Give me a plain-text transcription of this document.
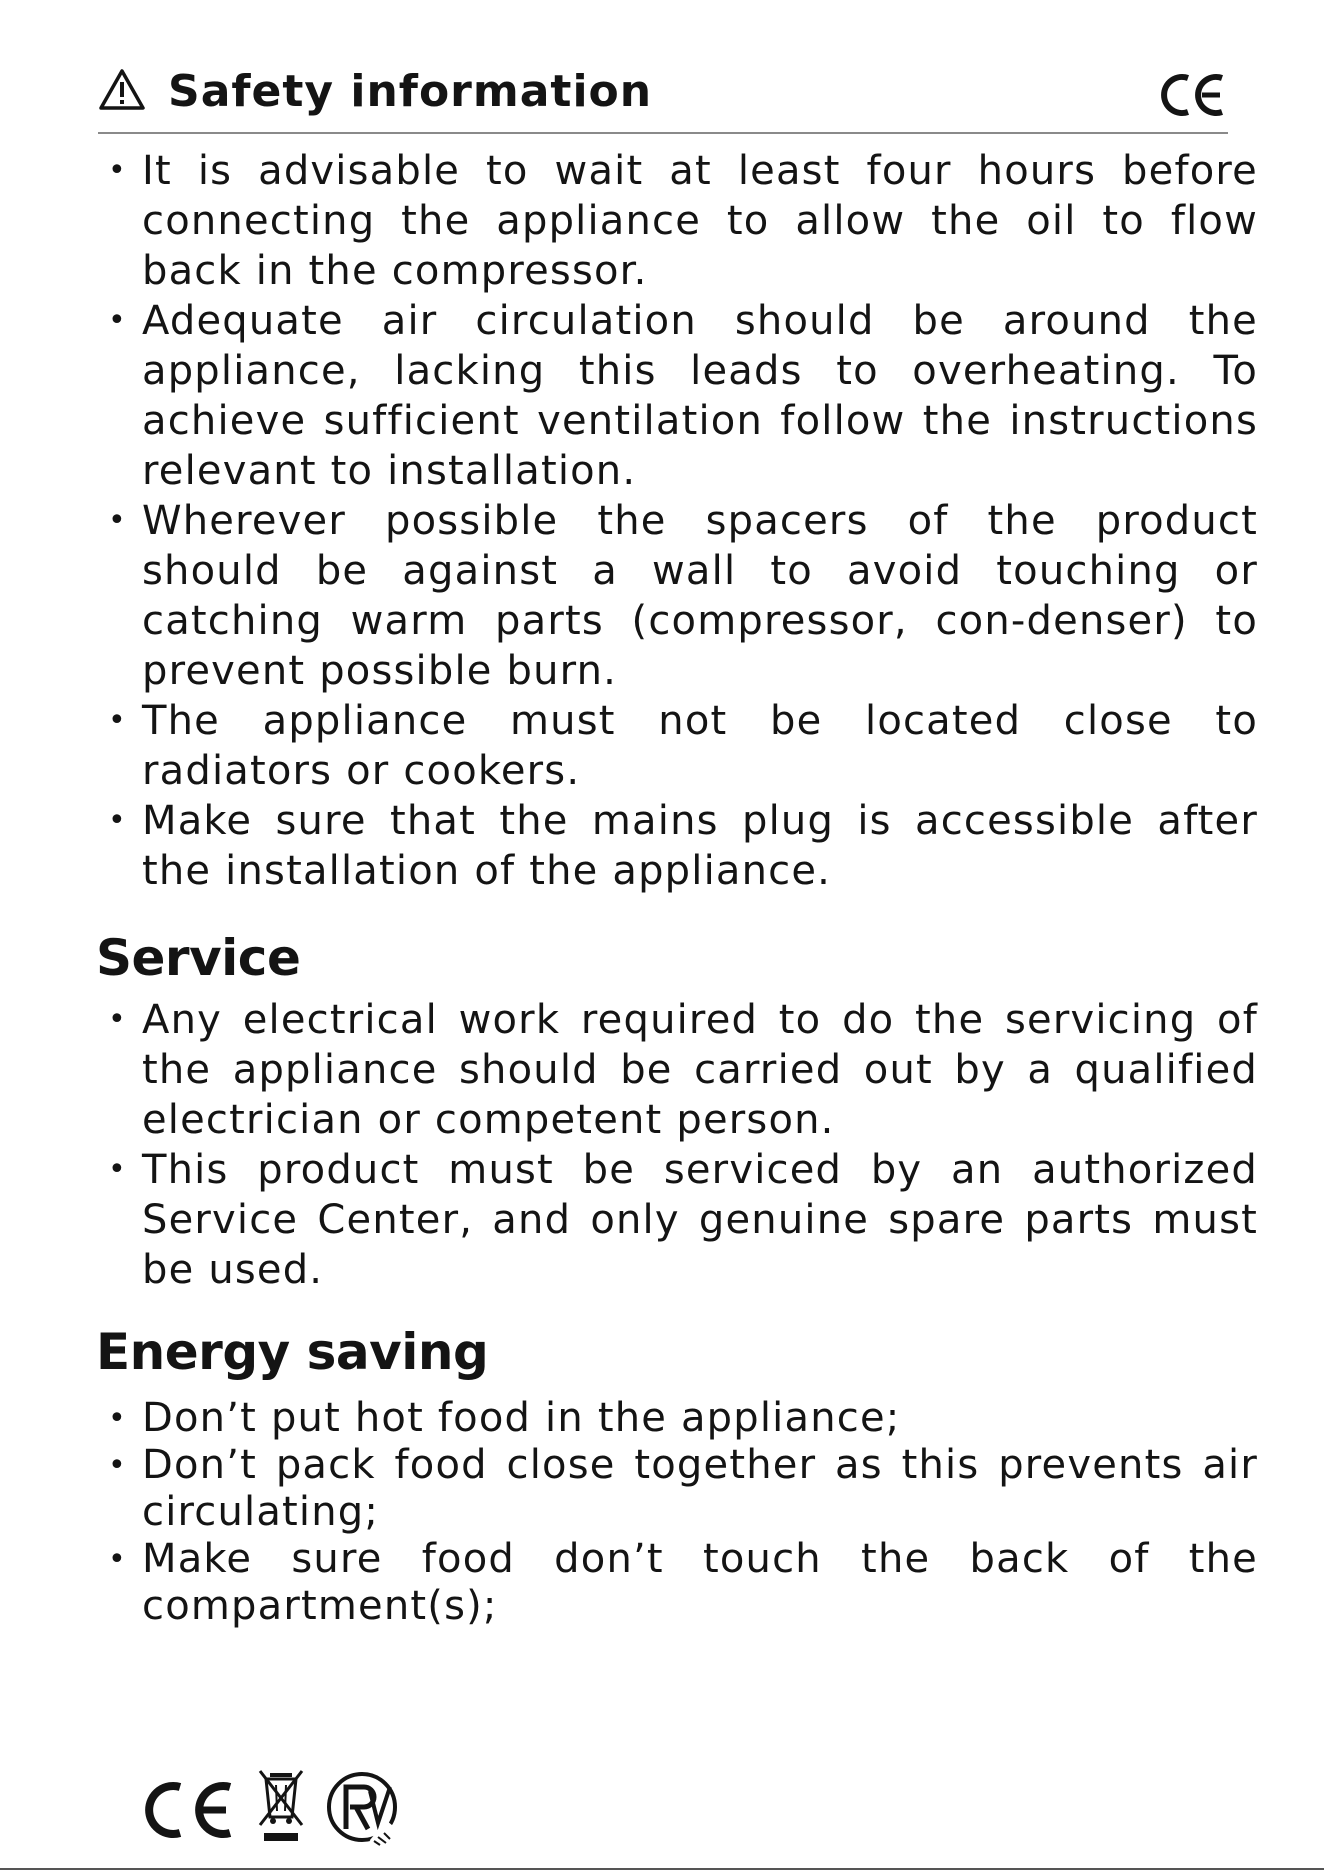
Safety information
• It is advisable to wait at least four hours before connecting the appliance to allow the oil to flow back in the compressor.
• Adequate air circulation should be around the appliance, lacking this leads to overheating. To achieve sufficient ventilation follow the instructions relevant to installation.
• Wherever possible the spacers of the product should be against a wall to avoid touching or catching warm parts (compressor, con-denser) to prevent possible burn.
• The appliance must not be located close to radiators or cookers.
• Make sure that the mains plug is accessible after the installation of the appliance.
Service
• Any electrical work required to do the servicing of the appliance should be carried out by a qualified electrician or competent person.
• This product must be serviced by an authorized Service Center, and only genuine spare parts must be used.
Energy saving
• Don’t put hot food in the appliance;
• Don’t pack food close together as this prevents air circulating;
• Make sure food don’t touch the back of the compartment(s);
